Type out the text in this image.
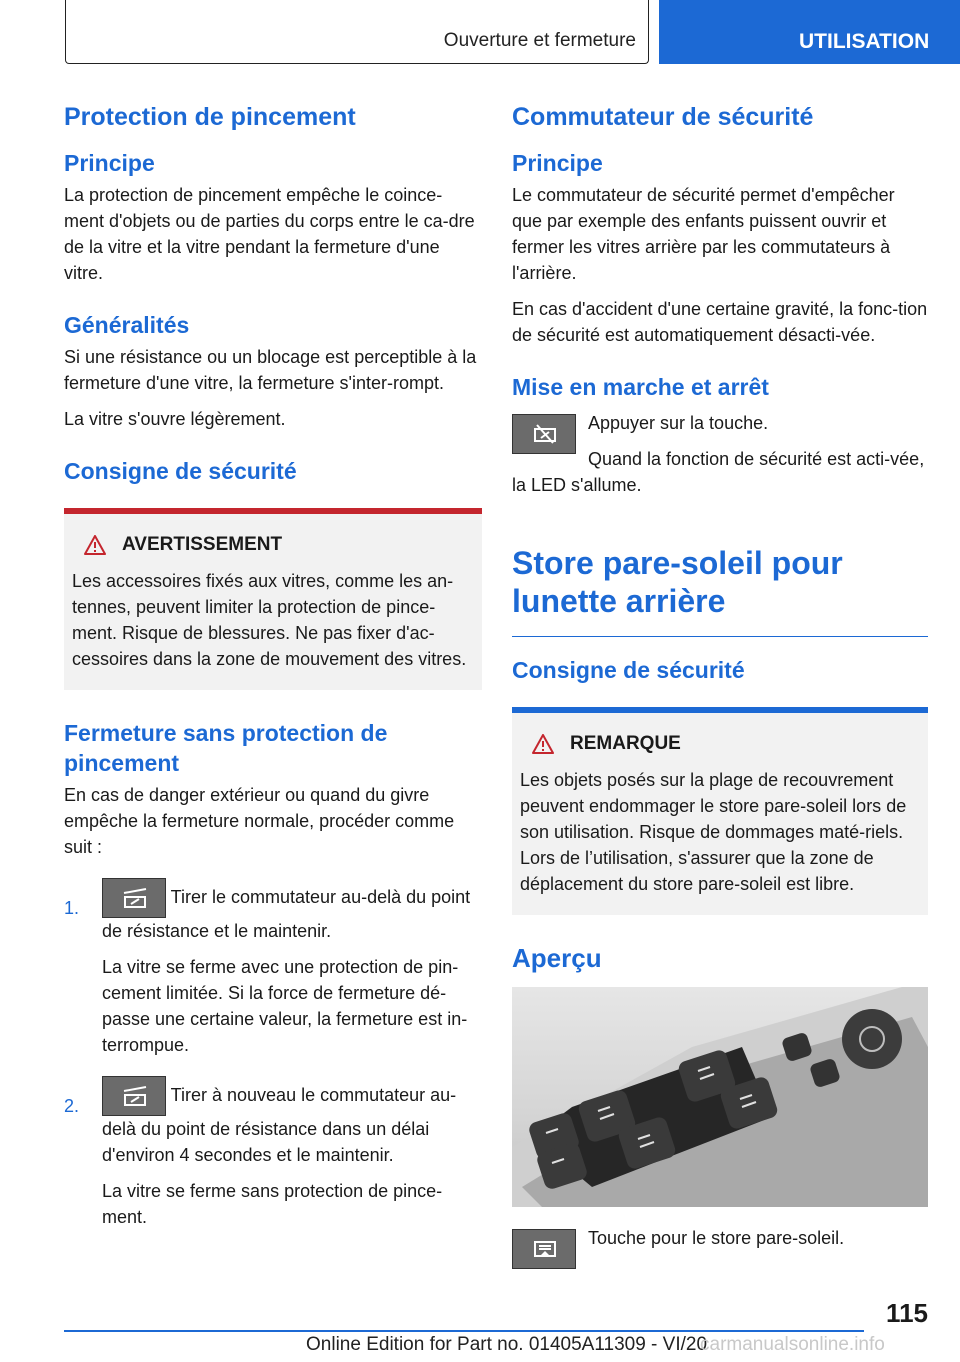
Ouverture et fermeture	UTILISATION
Protection de pincement
Principe

La protection de pincement empêche le coince-ment d'objets ou de parties du corps entre le ca-dre de la vitre et la vitre pendant la fermeture d'une vitre.

Généralités

Si une résistance ou un blocage est perceptible à la fermeture d'une vitre, la fermeture s'inter-rompt.

La vitre s'ouvre légèrement.

Consigne de sécurité
AVERTISSEMENT

Les accessoires fixés aux vitres, comme les an-tennes, peuvent limiter la protection de pince-ment. Risque de blessures. Ne pas fixer d'ac-cessoires dans la zone de mouvement des vitres.

Fermeture sans protection de pincement

En cas de danger extérieur ou quand du givre empêche la fermeture normale, procéder comme suit :

1.

Tirer le commutateur au-delà du point de résistance et le maintenir.

La vitre se ferme avec une protection de pin-cement limitée. Si la force de fermeture dé-passe une certaine valeur, la fermeture est in-terrompue.

2.

Tirer à nouveau le commutateur au-delà du point de résistance dans un délai d'environ 4 secondes et le maintenir.

La vitre se ferme sans protection de pince-ment.

Commutateur de sécurité
Principe

Le commutateur de sécurité permet d'empêcher que par exemple des enfants puissent ouvrir et fermer les vitres arrière par les commutateurs à l'arrière.

En cas d'accident d'une certaine gravité, la fonc-tion de sécurité est automatiquement désacti-vée.

Mise en marche et arrêt

Appuyer sur la touche.

Quand la fonction de sécurité est acti-vée, la LED s'allume.

Store pare-soleil pour lunette arrière
Consigne de sécurité
REMARQUE

Les objets posés sur la plage de recouvrement peuvent endommager le store pare-soleil lors de son utilisation. Risque de dommages maté-riels. Lors de l’utilisation, s'assurer que la zone de déplacement du store pare-soleil est libre.

Aperçu

Touche pour le store pare-soleil.

115
Online Edition for Part no. 01405A11309 - VI/20
carmanualsonline.info
